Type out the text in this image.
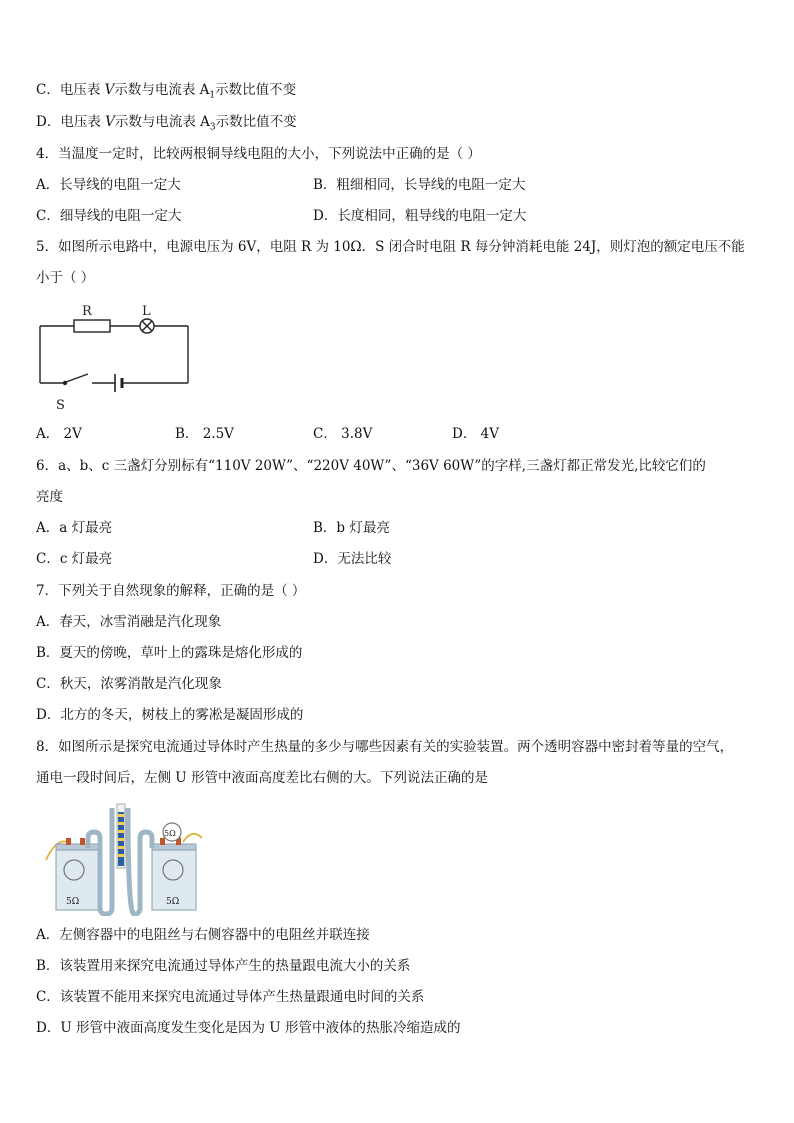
C．电压表 V示数与电流表 $A_1$示数比值不变
D．电压表 V示数与电流表 $A_3$示数比值不变
4．当温度一定时，比较两根铜导线电阻的大小，下列说法中正确的是（ ）
A．长导线的电阻一定大	B．粗细相同，长导线的电阻一定大
C．细导线的电阻一定大	D．长度相同，粗导线的电阻一定大
5．如图所示电路中，电源电压为 6V，电阻 R 为 10Ω．S 闭合时电阻 R 每分钟消耗电能 24J，则灯泡的额定电压不能
小于（ ）
R	L
S
A． 2V	B． 2.5V	C． 3.8V	D． 4V
6．a、b、c 三盏灯分别标有“110V 20W”、“220V 40W”、“36V 60W”的字样,三盏灯都正常发光,比较它们的
亮度
A．a 灯最亮	B．b 灯最亮
C．c 灯最亮	D．无法比较
7．下列关于自然现象的解释，正确的是（ ）
A．春天，冰雪消融是汽化现象
B．夏天的傍晚，草叶上的露珠是熔化形成的
C．秋天，浓雾消散是汽化现象
D．北方的冬天，树枝上的雾凇是凝固形成的
8．如图所示是探究电流通过导体时产生热量的多少与哪些因素有关的实验装置。两个透明容器中密封着等量的空气，
通电一段时间后，左侧 U 形管中液面高度差比右侧的大。下列说法正确的是
5Ω	5Ω
5Ω
A．左侧容器中的电阻丝与右侧容器中的电阻丝并联连接
B．该装置用来探究电流通过导体产生的热量跟电流大小的关系
C．该装置不能用来探究电流通过导体产生热量跟通电时间的关系
D．U 形管中液面高度发生变化是因为 U 形管中液体的热胀冷缩造成的
